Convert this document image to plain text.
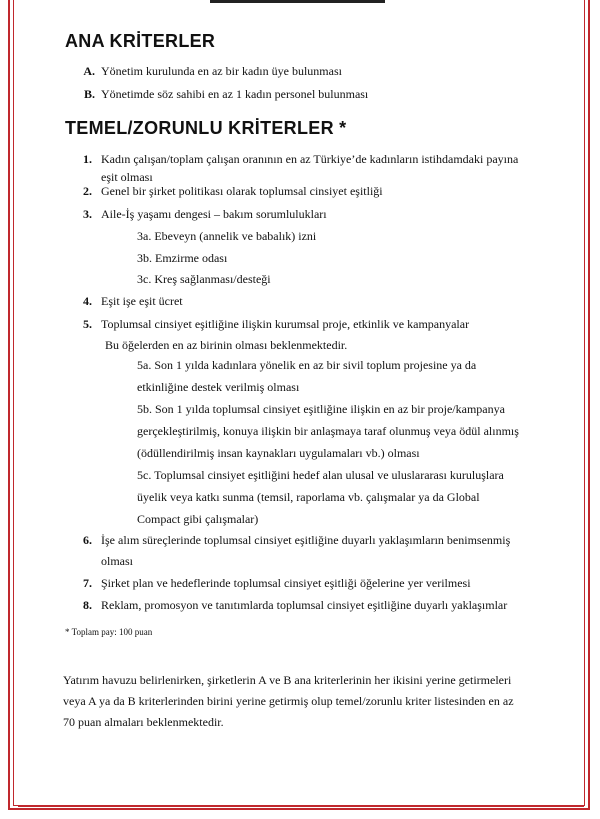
ANA KRİTERLER
A. Yönetim kurulunda en az bir kadın üye bulunması
B. Yönetimde söz sahibi en az 1 kadın personel bulunması
TEMEL/ZORUNLU KRİTERLER *
1. Kadın çalışan/toplam çalışan oranının en az Türkiye’de kadınların istihdamdaki payına
eşit olması
2. Genel bir şirket politikası olarak toplumsal cinsiyet eşitliği
3. Aile-İş yaşamı dengesi – bakım sorumlulukları
3a. Ebeveyn (annelik ve babalık) izni
3b. Emzirme odası
3c. Kreş sağlanması/desteği
4. Eşit işe eşit ücret
5. Toplumsal cinsiyet eşitliğine ilişkin kurumsal proje, etkinlik ve kampanyalar
Bu öğelerden en az birinin olması beklenmektedir.
5a. Son 1 yılda kadınlara yönelik en az bir sivil toplum projesine ya da
etkinliğine destek verilmiş olması
5b. Son 1 yılda toplumsal cinsiyet eşitliğine ilişkin en az bir proje/kampanya
gerçekleştirilmiş, konuya ilişkin bir anlaşmaya taraf olunmuş veya ödül alınmış
(ödüllendirilmiş insan kaynakları uygulamaları vb.) olması
5c. Toplumsal cinsiyet eşitliğini hedef alan ulusal ve uluslararası kuruluşlara
üyelik veya katkı sunma (temsil, raporlama vb. çalışmalar ya da Global
Compact gibi çalışmalar)
6. İşe alım süreçlerinde toplumsal cinsiyet eşitliğine duyarlı yaklaşımların benimsenmiş
olması
7. Şirket plan ve hedeflerinde toplumsal cinsiyet eşitliği öğelerine yer verilmesi
8. Reklam, promosyon ve tanıtımlarda toplumsal cinsiyet eşitliğine duyarlı yaklaşımlar
* Toplam pay: 100 puan
Yatırım havuzu belirlenirken, şirketlerin A ve B ana kriterlerinin her ikisini yerine getirmeleri
veya A ya da B kriterlerinden birini yerine getirmiş olup temel/zorunlu kriter listesinden en az
70 puan almaları beklenmektedir.
